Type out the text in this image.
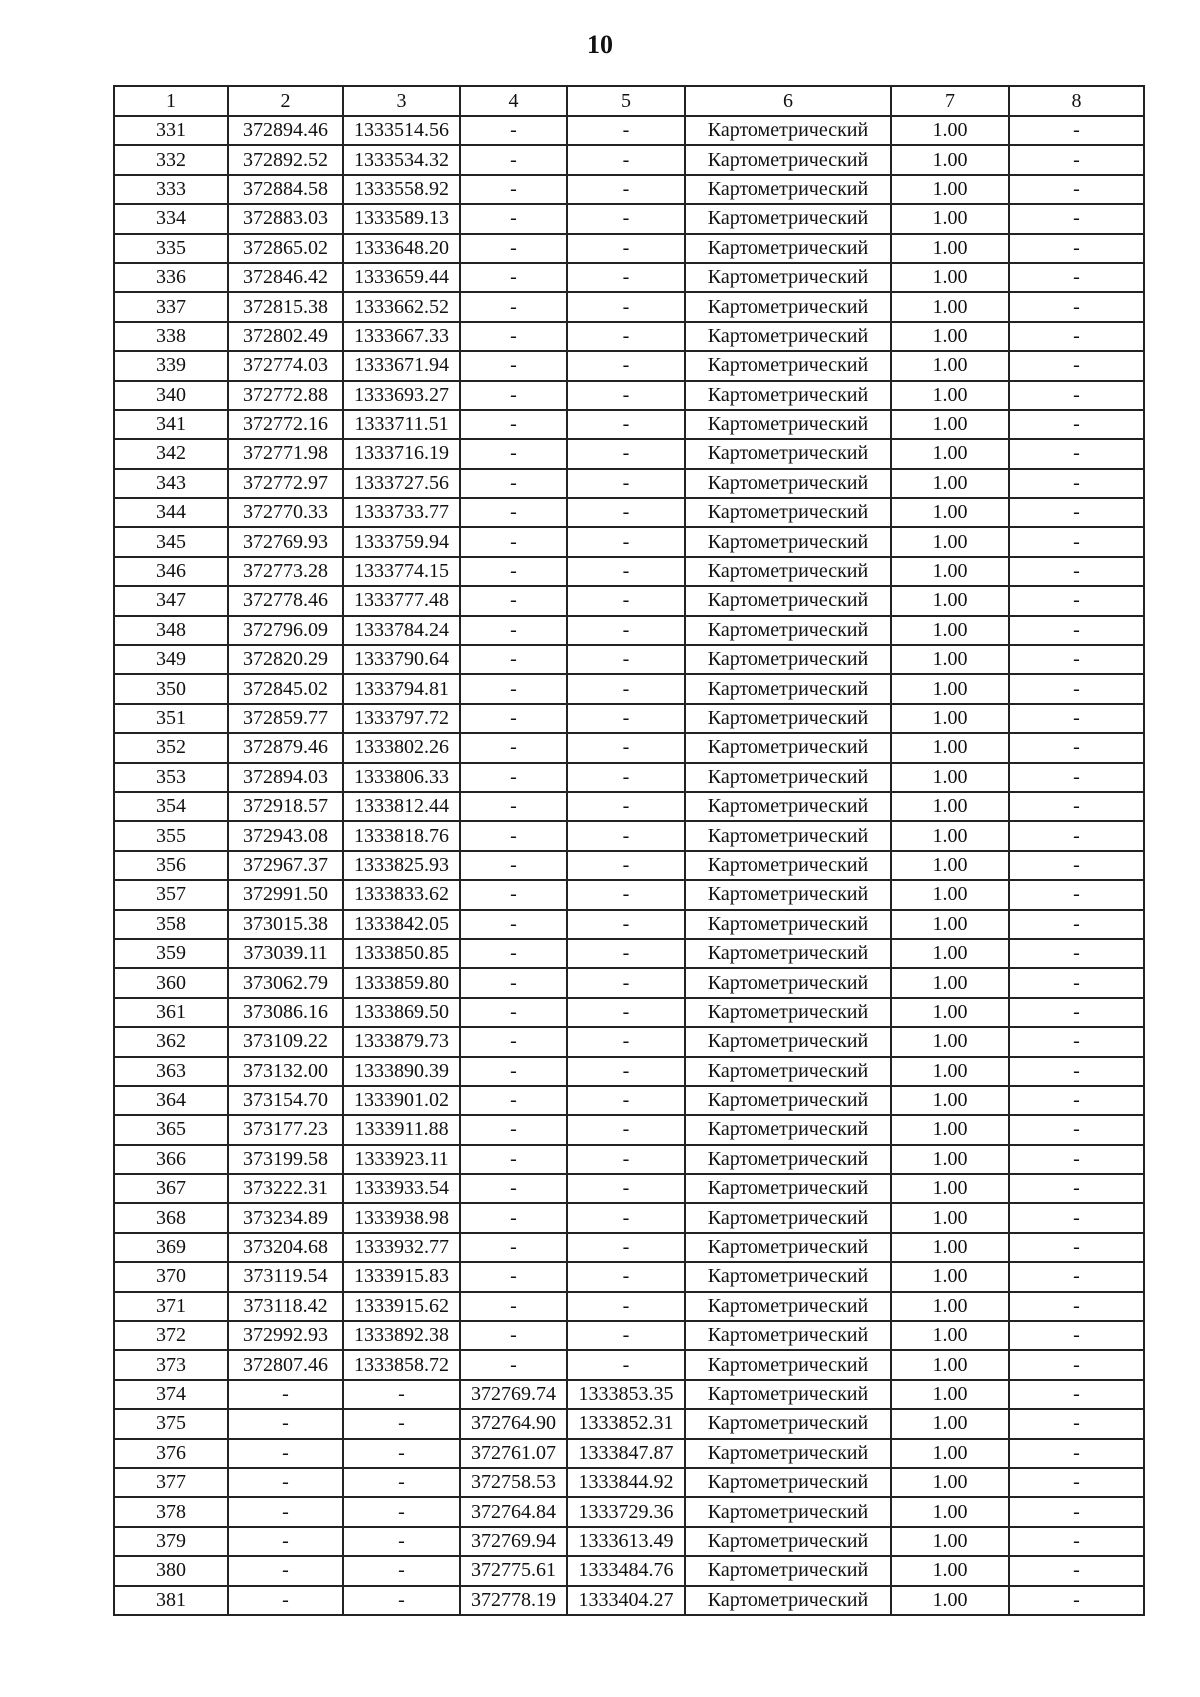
10
1	2	3	4	5	6	7	8
331	372894.46	1333514.56	-	-	Картометрический	1.00	-
332	372892.52	1333534.32	-	-	Картометрический	1.00	-
333	372884.58	1333558.92	-	-	Картометрический	1.00	-
334	372883.03	1333589.13	-	-	Картометрический	1.00	-
335	372865.02	1333648.20	-	-	Картометрический	1.00	-
336	372846.42	1333659.44	-	-	Картометрический	1.00	-
337	372815.38	1333662.52	-	-	Картометрический	1.00	-
338	372802.49	1333667.33	-	-	Картометрический	1.00	-
339	372774.03	1333671.94	-	-	Картометрический	1.00	-
340	372772.88	1333693.27	-	-	Картометрический	1.00	-
341	372772.16	1333711.51	-	-	Картометрический	1.00	-
342	372771.98	1333716.19	-	-	Картометрический	1.00	-
343	372772.97	1333727.56	-	-	Картометрический	1.00	-
344	372770.33	1333733.77	-	-	Картометрический	1.00	-
345	372769.93	1333759.94	-	-	Картометрический	1.00	-
346	372773.28	1333774.15	-	-	Картометрический	1.00	-
347	372778.46	1333777.48	-	-	Картометрический	1.00	-
348	372796.09	1333784.24	-	-	Картометрический	1.00	-
349	372820.29	1333790.64	-	-	Картометрический	1.00	-
350	372845.02	1333794.81	-	-	Картометрический	1.00	-
351	372859.77	1333797.72	-	-	Картометрический	1.00	-
352	372879.46	1333802.26	-	-	Картометрический	1.00	-
353	372894.03	1333806.33	-	-	Картометрический	1.00	-
354	372918.57	1333812.44	-	-	Картометрический	1.00	-
355	372943.08	1333818.76	-	-	Картометрический	1.00	-
356	372967.37	1333825.93	-	-	Картометрический	1.00	-
357	372991.50	1333833.62	-	-	Картометрический	1.00	-
358	373015.38	1333842.05	-	-	Картометрический	1.00	-
359	373039.11	1333850.85	-	-	Картометрический	1.00	-
360	373062.79	1333859.80	-	-	Картометрический	1.00	-
361	373086.16	1333869.50	-	-	Картометрический	1.00	-
362	373109.22	1333879.73	-	-	Картометрический	1.00	-
363	373132.00	1333890.39	-	-	Картометрический	1.00	-
364	373154.70	1333901.02	-	-	Картометрический	1.00	-
365	373177.23	1333911.88	-	-	Картометрический	1.00	-
366	373199.58	1333923.11	-	-	Картометрический	1.00	-
367	373222.31	1333933.54	-	-	Картометрический	1.00	-
368	373234.89	1333938.98	-	-	Картометрический	1.00	-
369	373204.68	1333932.77	-	-	Картометрический	1.00	-
370	373119.54	1333915.83	-	-	Картометрический	1.00	-
371	373118.42	1333915.62	-	-	Картометрический	1.00	-
372	372992.93	1333892.38	-	-	Картометрический	1.00	-
373	372807.46	1333858.72	-	-	Картометрический	1.00	-
374	-	-	372769.74	1333853.35	Картометрический	1.00	-
375	-	-	372764.90	1333852.31	Картометрический	1.00	-
376	-	-	372761.07	1333847.87	Картометрический	1.00	-
377	-	-	372758.53	1333844.92	Картометрический	1.00	-
378	-	-	372764.84	1333729.36	Картометрический	1.00	-
379	-	-	372769.94	1333613.49	Картометрический	1.00	-
380	-	-	372775.61	1333484.76	Картометрический	1.00	-
381	-	-	372778.19	1333404.27	Картометрический	1.00	-
